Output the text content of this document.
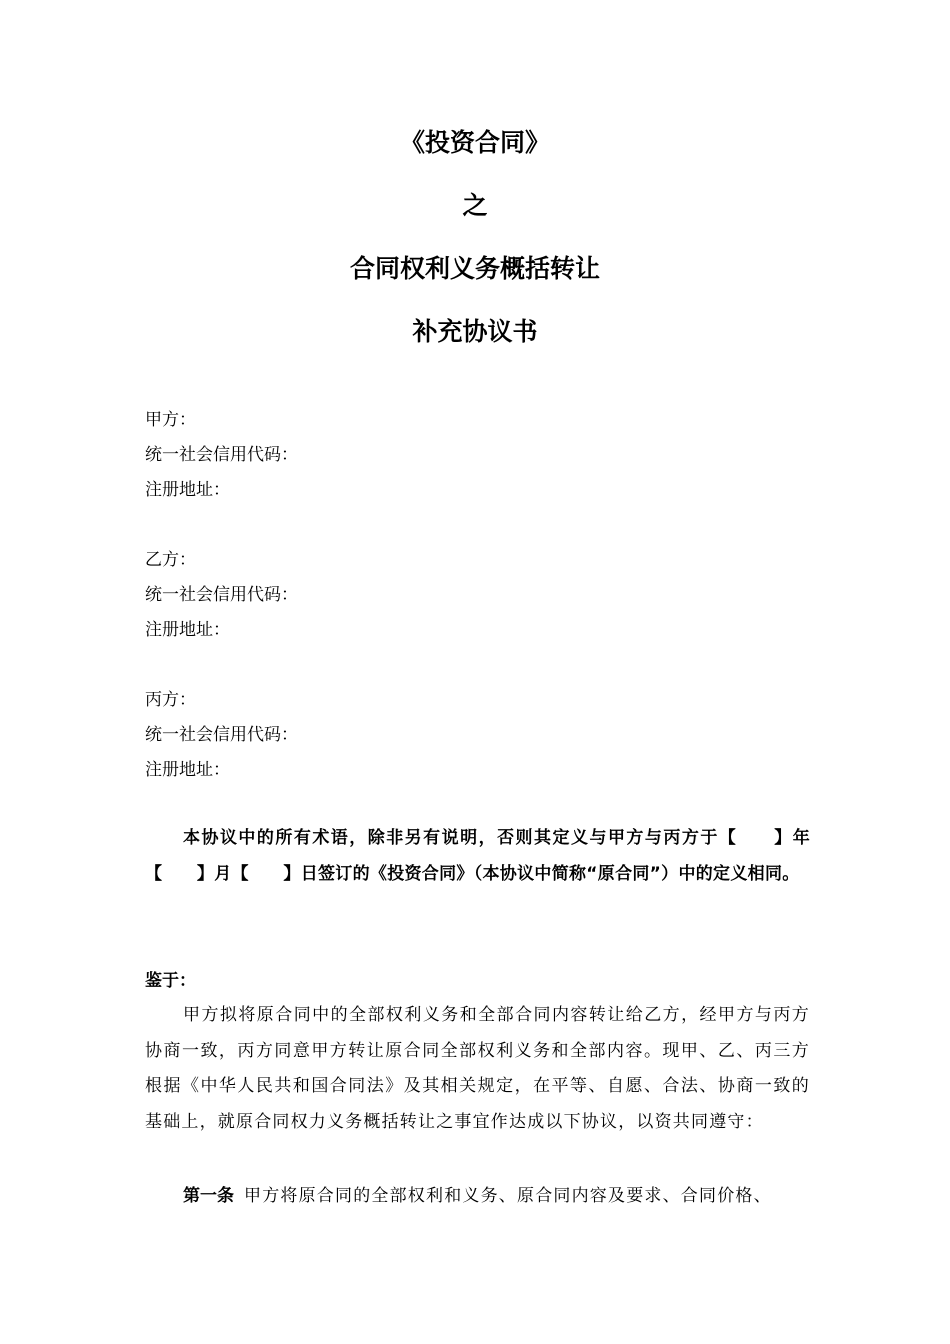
《投资合同》
之
合同权利义务概括转让
补充协议书
甲方：
统一社会信用代码：
注册地址：
乙方：
统一社会信用代码：
注册地址：
丙方：
统一社会信用代码：
注册地址：
本协议中的所有术语，除非另有说明，否则其定义与甲方与丙方于【　　】年【　　】月【　　】日签订的《投资合同》（本协议中简称“原合同”）中的定义相同。
鉴于：
甲方拟将原合同中的全部权利义务和全部合同内容转让给乙方，经甲方与丙方协商一致，丙方同意甲方转让原合同全部权利义务和全部内容。现甲、乙、丙三方根据《中华人民共和国合同法》及其相关规定，在平等、自愿、合法、协商一致的基础上，就原合同权力义务概括转让之事宜作达成以下协议，以资共同遵守：
第一条 甲方将原合同的全部权利和义务、原合同内容及要求、合同价格、
